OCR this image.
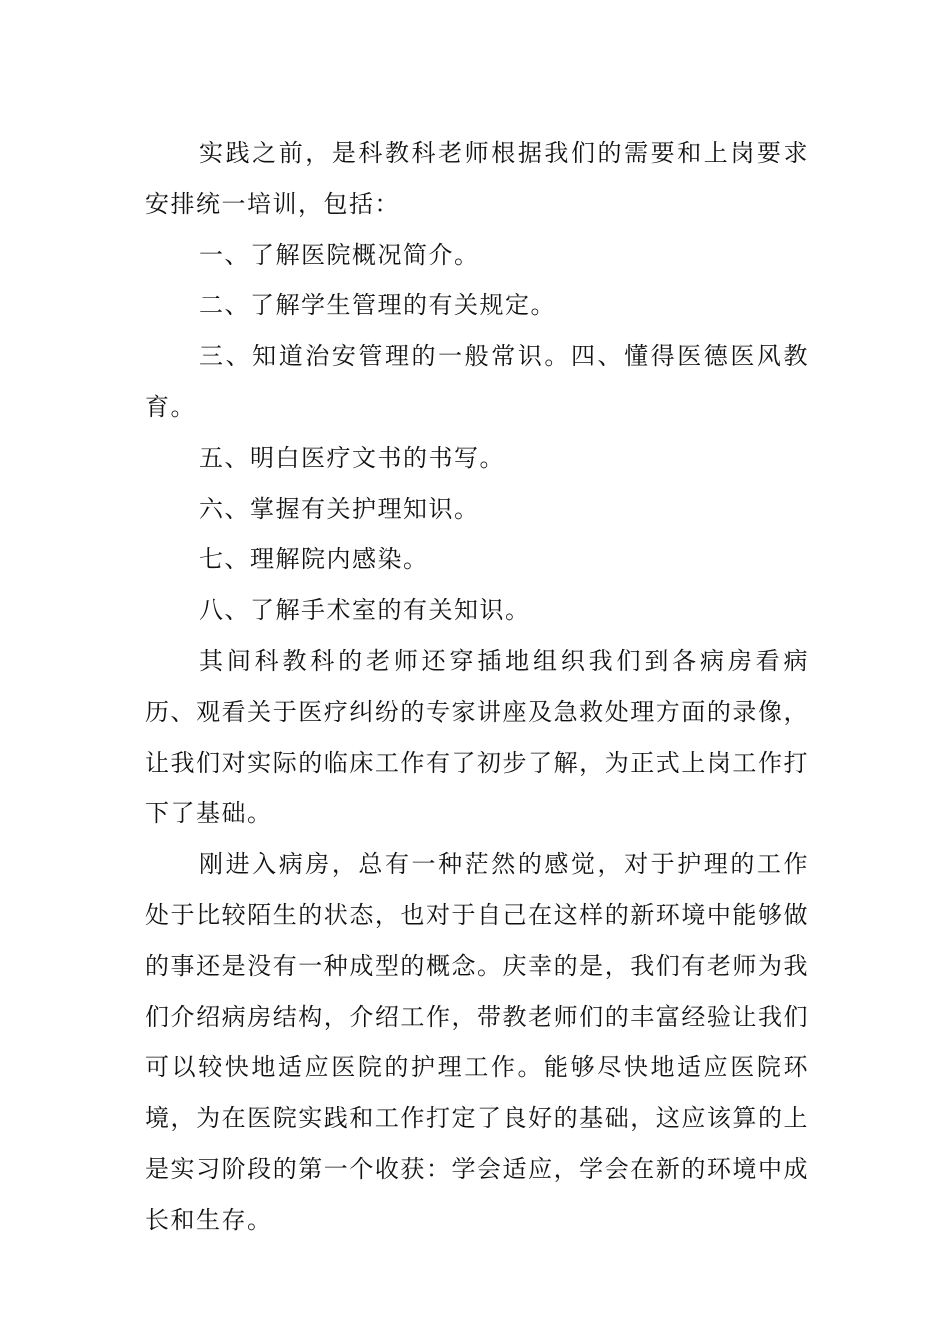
实践之前，是科教科老师根据我们的需要和上岗要求安排统一培训，包括：

一、了解医院概况简介。

二、了解学生管理的有关规定。

三、知道治安管理的一般常识。四、懂得医德医风教育。

五、明白医疗文书的书写。

六、掌握有关护理知识。

七、理解院内感染。

八、了解手术室的有关知识。

其间科教科的老师还穿插地组织我们到各病房看病历、观看关于医疗纠纷的专家讲座及急救处理方面的录像，让我们对实际的临床工作有了初步了解，为正式上岗工作打下了基础。

刚进入病房，总有一种茫然的感觉，对于护理的工作处于比较陌生的状态，也对于自己在这样的新环境中能够做的事还是没有一种成型的概念。庆幸的是，我们有老师为我们介绍病房结构，介绍工作，带教老师们的丰富经验让我们可以较快地适应医院的护理工作。能够尽快地适应医院环境，为在医院实践和工作打定了良好的基础，这应该算的上是实习阶段的第一个收获：学会适应，学会在新的环境中成长和生存。
